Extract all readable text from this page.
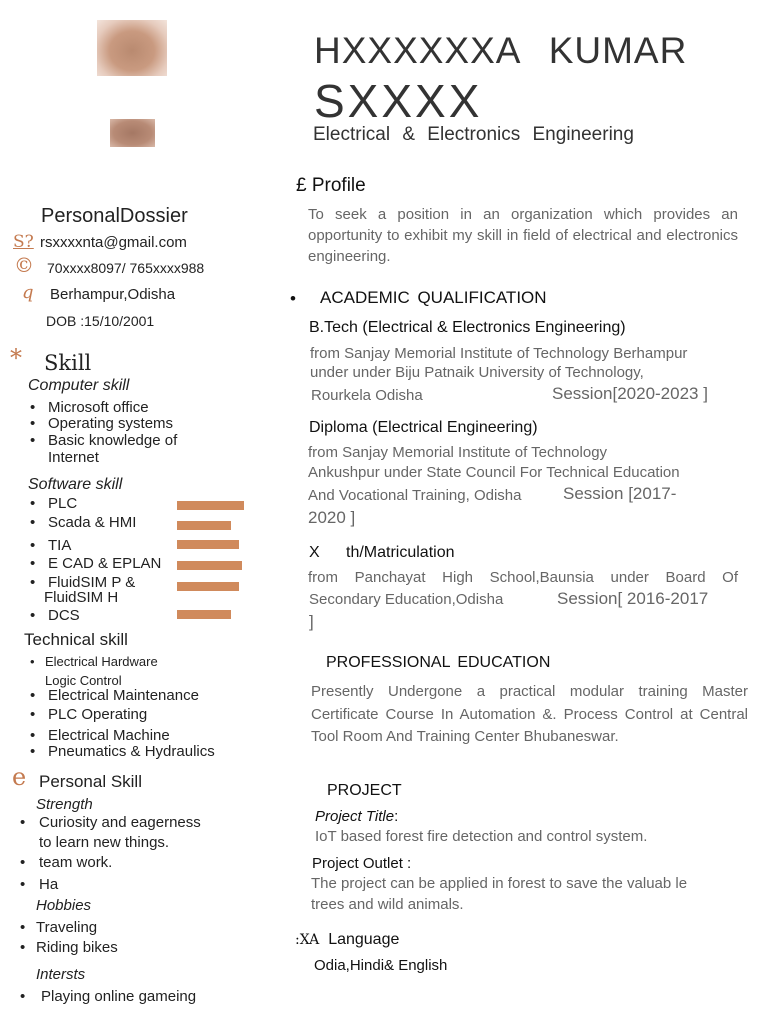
HXXXXXXA KUMAR
SXXXX
Electrical & Electronics Engineering
PersonalDossier
S? rsxxxxnta@gmail.com
© 70xxxx8097/ 765xxxx988
q Berhampur,Odisha
DOB :15/10/2001
* Skill
Computer skill
• Microsoft office
• Operating systems
• Basic knowledge of
Internet
Software skill
• PLC
• Scada & HMI
• TIA
• E CAD & EPLAN
• FluidSIM P &
FluidSIM H
• DCS
Technical skill
• Electrical Hardware
Logic Control
• Electrical Maintenance
• PLC Operating
• Electrical Machine
• Pneumatics & Hydraulics
e Personal Skill
Strength
• Curiosity and eagerness
to learn new things.
• team work.
• Ha
Hobbies
• Traveling
• Riding bikes
Intersts
• Playing online gameing
£ Profile
To seek a position in an organization which provides an opportunity to exhibit my skill in field of electrical and electronics engineering.
• ACADEMIC QUALIFICATION
B.Tech (Electrical & Electronics Engineering)
from Sanjay Memorial Institute of Technology Berhampur
under under Biju Patnaik University of Technology,
Rourkela Odisha	Session[2020-2023 ]
Diploma (Electrical Engineering)
from Sanjay Memorial Institute of Technology
Ankushpur under State Council For Technical Education
And Vocational Training, Odisha Session [2017-
2020 ]
X th/Matriculation
from Panchayat High School,Baunsia under Board Of
Secondary Education,Odisha	Session[ 2016-2017
]
PROFESSIONAL EDUCATION
Presently Undergone a practical modular training Master Certificate Course In Automation &. Process Control at Central Tool Room And Training Center Bhubaneswar.
PROJECT
Project Title:
IoT based forest fire detection and control system.
Project Outlet :
The project can be applied in forest to save the valuab le trees and wild animals.
:XA Language
Odia,Hindi& English
